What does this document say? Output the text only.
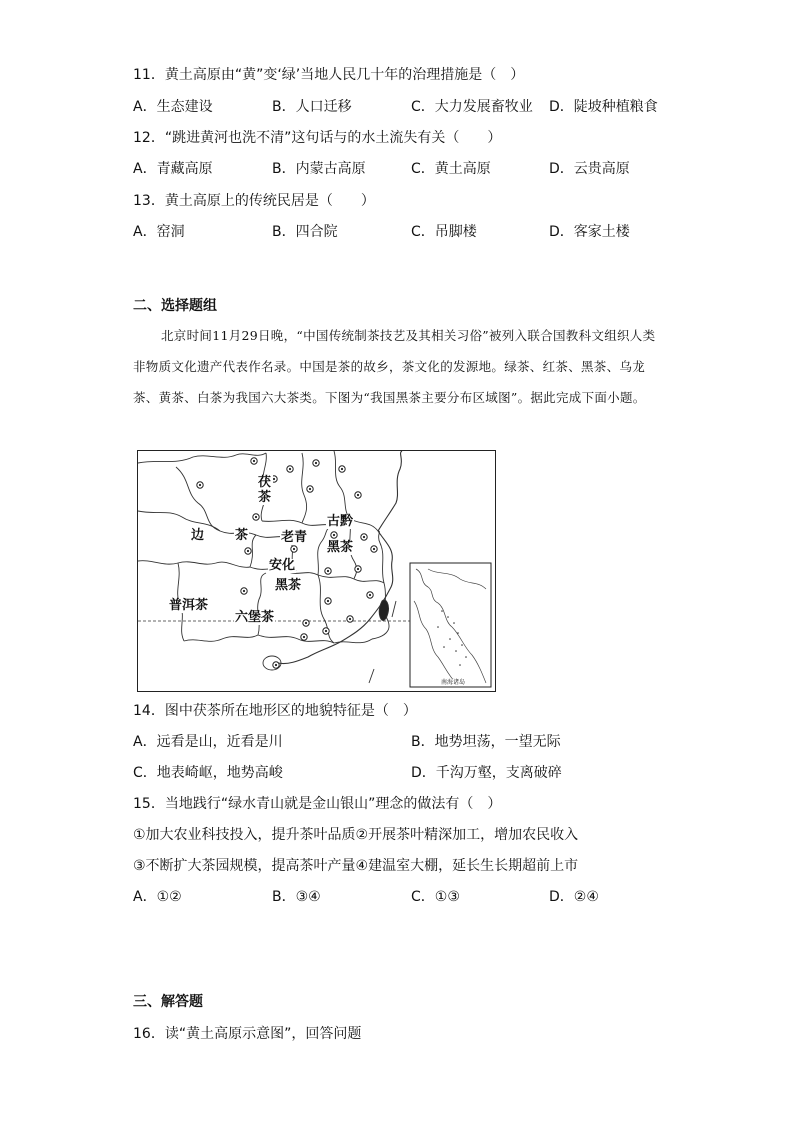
11．黄土高原由“黄”变‘绿’当地人民几十年的治理措施是（　）
A．生态建设	B．人口迁移	C．大力发展畜牧业 D．陡坡种植粮食
12．“跳进黄河也洗不清”这句话与的水土流失有关（　　）
A．青藏高原	B．内蒙古高原	C．黄土高原	D．云贵高原
13．黄土高原上的传统民居是（　　）
A．窑洞	B．四合院	C．吊脚楼	D．客家土楼
二、选择题组
北京时间11月29日晚，“中国传统制茶技艺及其相关习俗”被列入联合国教科文组织人类非物质文化遗产代表作名录。中国是茶的故乡，茶文化的发源地。绿茶、红茶、黑茶、乌龙茶、黄茶、白茶为我国六大茶类。下图为“我国黑茶主要分布区域图”。据此完成下面小题。
茯茶
边 茶	老青
古黔
黑茶
安化
黑茶
普洱茶
六堡茶
南海诸岛
14．图中茯茶所在地形区的地貌特征是（　）
A．远看是山，近看是川	B．地势坦荡，一望无际
C．地表崎岖，地势高峻	D．千沟万壑，支离破碎
15．当地践行“绿水青山就是金山银山”理念的做法有（　）
①加大农业科技投入，提升茶叶品质②开展茶叶精深加工，增加农民收入
③不断扩大茶园规模，提高茶叶产量④建温室大棚，延长生长期超前上市
A．①②	B．③④	C．①③	D．②④
三、解答题
16．读“黄土高原示意图”，回答问题
